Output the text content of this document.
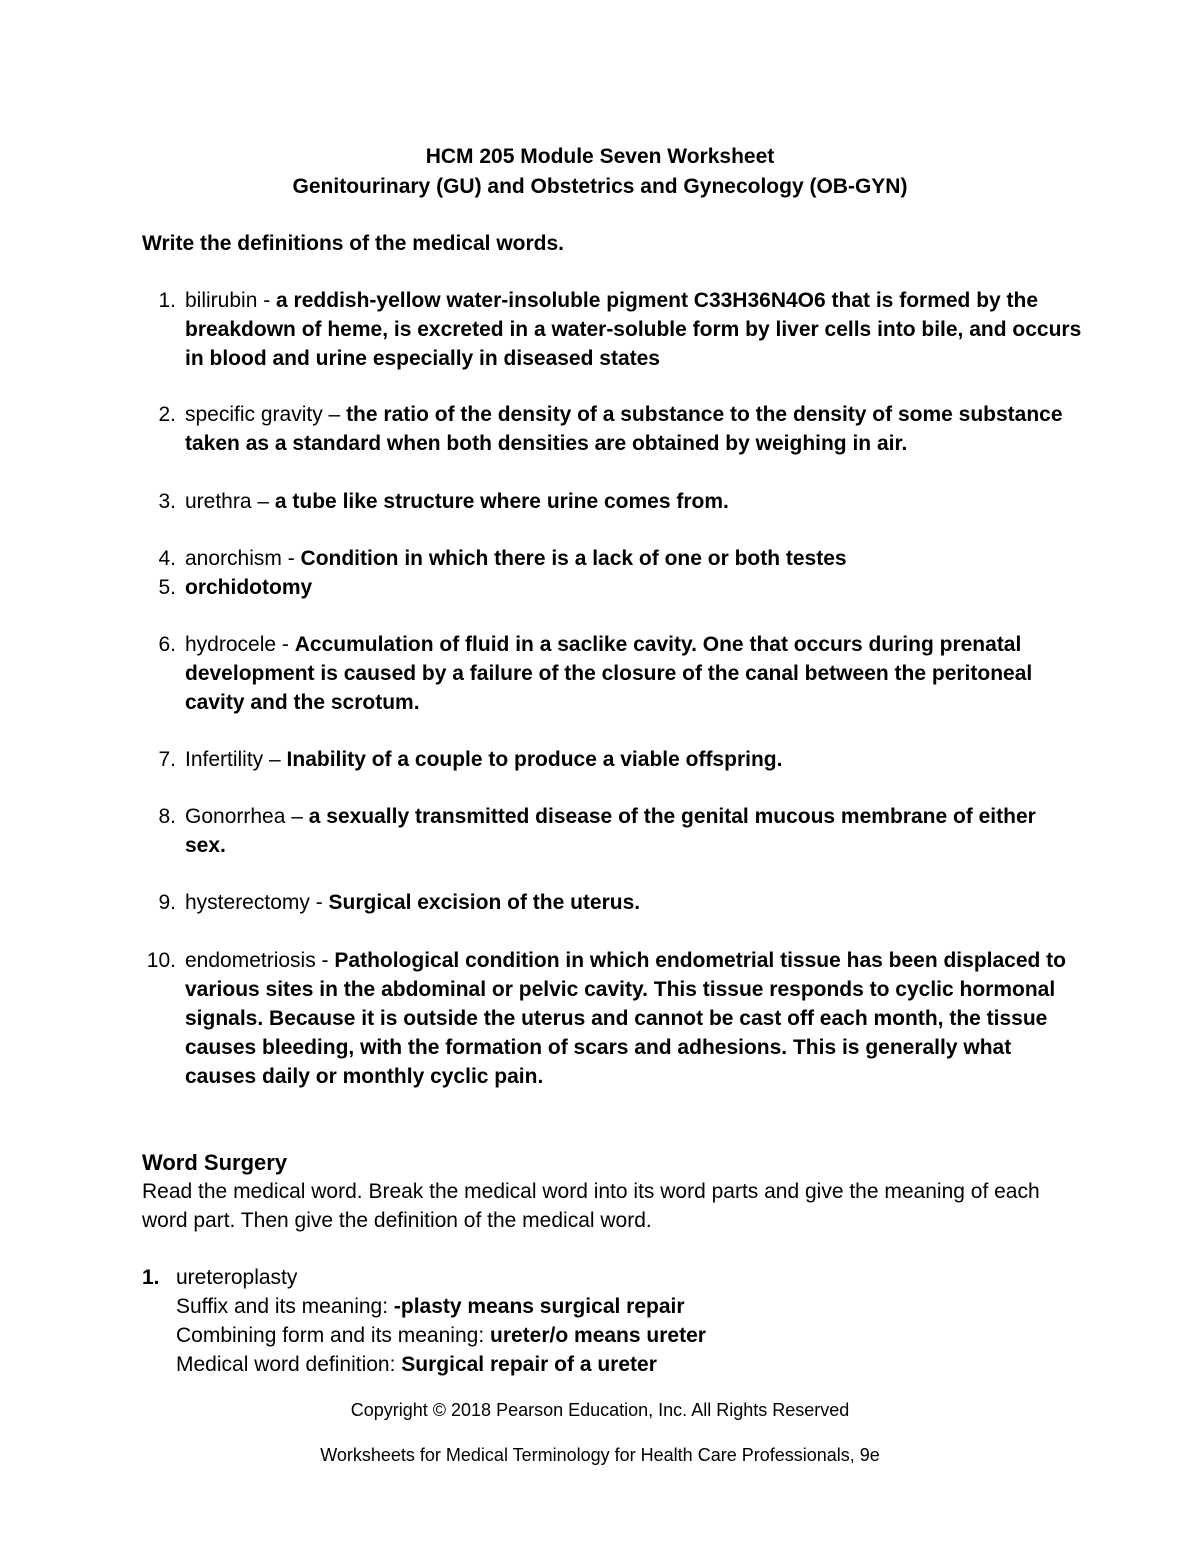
HCM 205 Module Seven Worksheet
Genitourinary (GU) and Obstetrics and Gynecology (OB-GYN)
Write the definitions of the medical words.
1. bilirubin - a reddish-yellow water-insoluble pigment C33H36N4O6 that is formed by the breakdown of heme, is excreted in a water-soluble form by liver cells into bile, and occurs in blood and urine especially in diseased states
2. specific gravity – the ratio of the density of a substance to the density of some substance taken as a standard when both densities are obtained by weighing in air.
3. urethra – a tube like structure where urine comes from.
4. anorchism - Condition in which there is a lack of one or both testes
5. orchidotomy
6. hydrocele - Accumulation of fluid in a saclike cavity. One that occurs during prenatal development is caused by a failure of the closure of the canal between the peritoneal cavity and the scrotum.
7. Infertility – Inability of a couple to produce a viable offspring.
8. Gonorrhea – a sexually transmitted disease of the genital mucous membrane of either sex.
9. hysterectomy - Surgical excision of the uterus.
10. endometriosis - Pathological condition in which endometrial tissue has been displaced to various sites in the abdominal or pelvic cavity. This tissue responds to cyclic hormonal signals. Because it is outside the uterus and cannot be cast off each month, the tissue causes bleeding, with the formation of scars and adhesions. This is generally what causes daily or monthly cyclic pain.
Word Surgery
Read the medical word. Break the medical word into its word parts and give the meaning of each word part. Then give the definition of the medical word.
1. ureteroplasty
Suffix and its meaning: -plasty means surgical repair
Combining form and its meaning: ureter/o means ureter
Medical word definition: Surgical repair of a ureter
Copyright © 2018 Pearson Education, Inc. All Rights Reserved
Worksheets for Medical Terminology for Health Care Professionals, 9e
